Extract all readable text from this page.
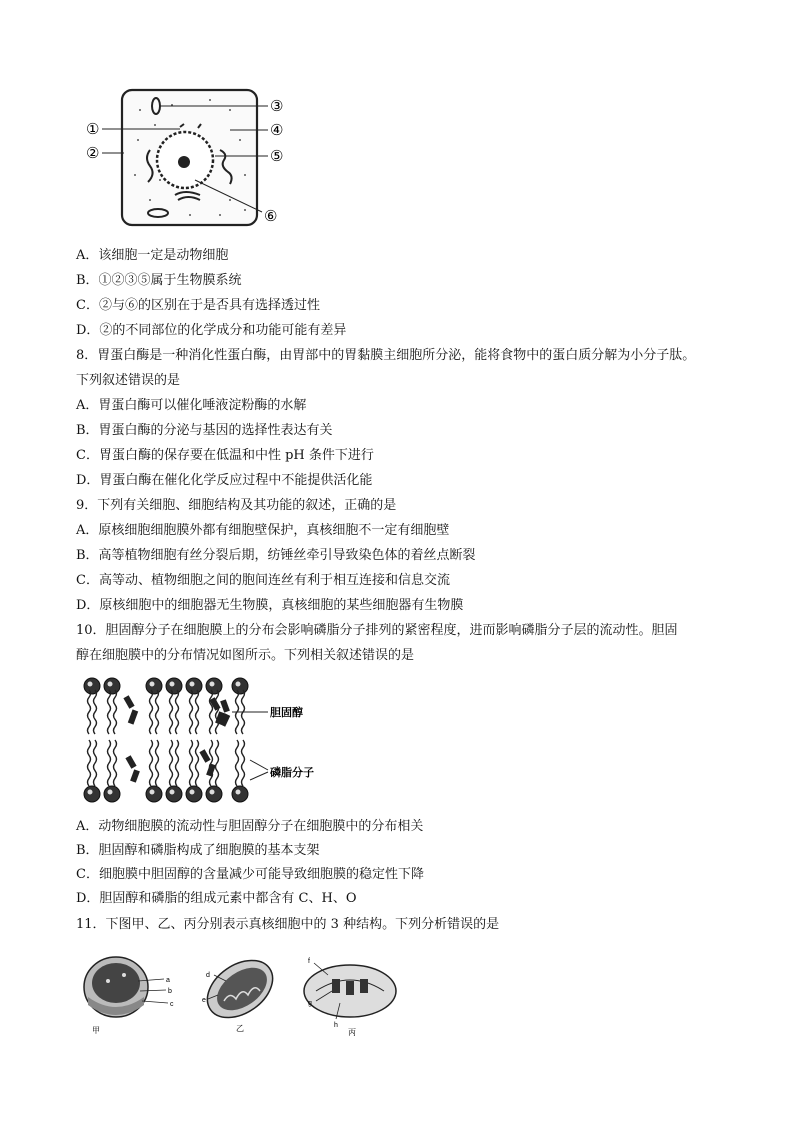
①
②
③
④
⑤
⑥
A．该细胞一定是动物细胞
B．①②③⑤属于生物膜系统
C．②与⑥的区别在于是否具有选择透过性
D．②的不同部位的化学成分和功能可能有差异
8．胃蛋白酶是一种消化性蛋白酶，由胃部中的胃黏膜主细胞所分泌，能将食物中的蛋白质分解为小分子肽。
下列叙述错误的是
A．胃蛋白酶可以催化唾液淀粉酶的水解
B．胃蛋白酶的分泌与基因的选择性表达有关
C．胃蛋白酶的保存要在低温和中性 pH 条件下进行
D．胃蛋白酶在催化化学反应过程中不能提供活化能
9．下列有关细胞、细胞结构及其功能的叙述，正确的是
A．原核细胞细胞膜外都有细胞壁保护，真核细胞不一定有细胞壁
B．高等植物细胞有丝分裂后期，纺锤丝牵引导致染色体的着丝点断裂
C．高等动、植物细胞之间的胞间连丝有利于相互连接和信息交流
D．原核细胞中的细胞器无生物膜，真核细胞的某些细胞器有生物膜
10．胆固醇分子在细胞膜上的分布会影响磷脂分子排列的紧密程度，进而影响磷脂分子层的流动性。胆固
醇在细胞膜中的分布情况如图所示。下列相关叙述错误的是
胆固醇
磷脂分子
A．动物细胞膜的流动性与胆固醇分子在细胞膜中的分布相关
B．胆固醇和磷脂构成了细胞膜的基本支架
C．细胞膜中胆固醇的含量减少可能导致细胞膜的稳定性下降
D．胆固醇和磷脂的组成元素中都含有 C、H、O
11．下图甲、乙、丙分别表示真核细胞中的 3 种结构。下列分析错误的是
a
b
c
甲
d
e
乙
f
g
h
丙
